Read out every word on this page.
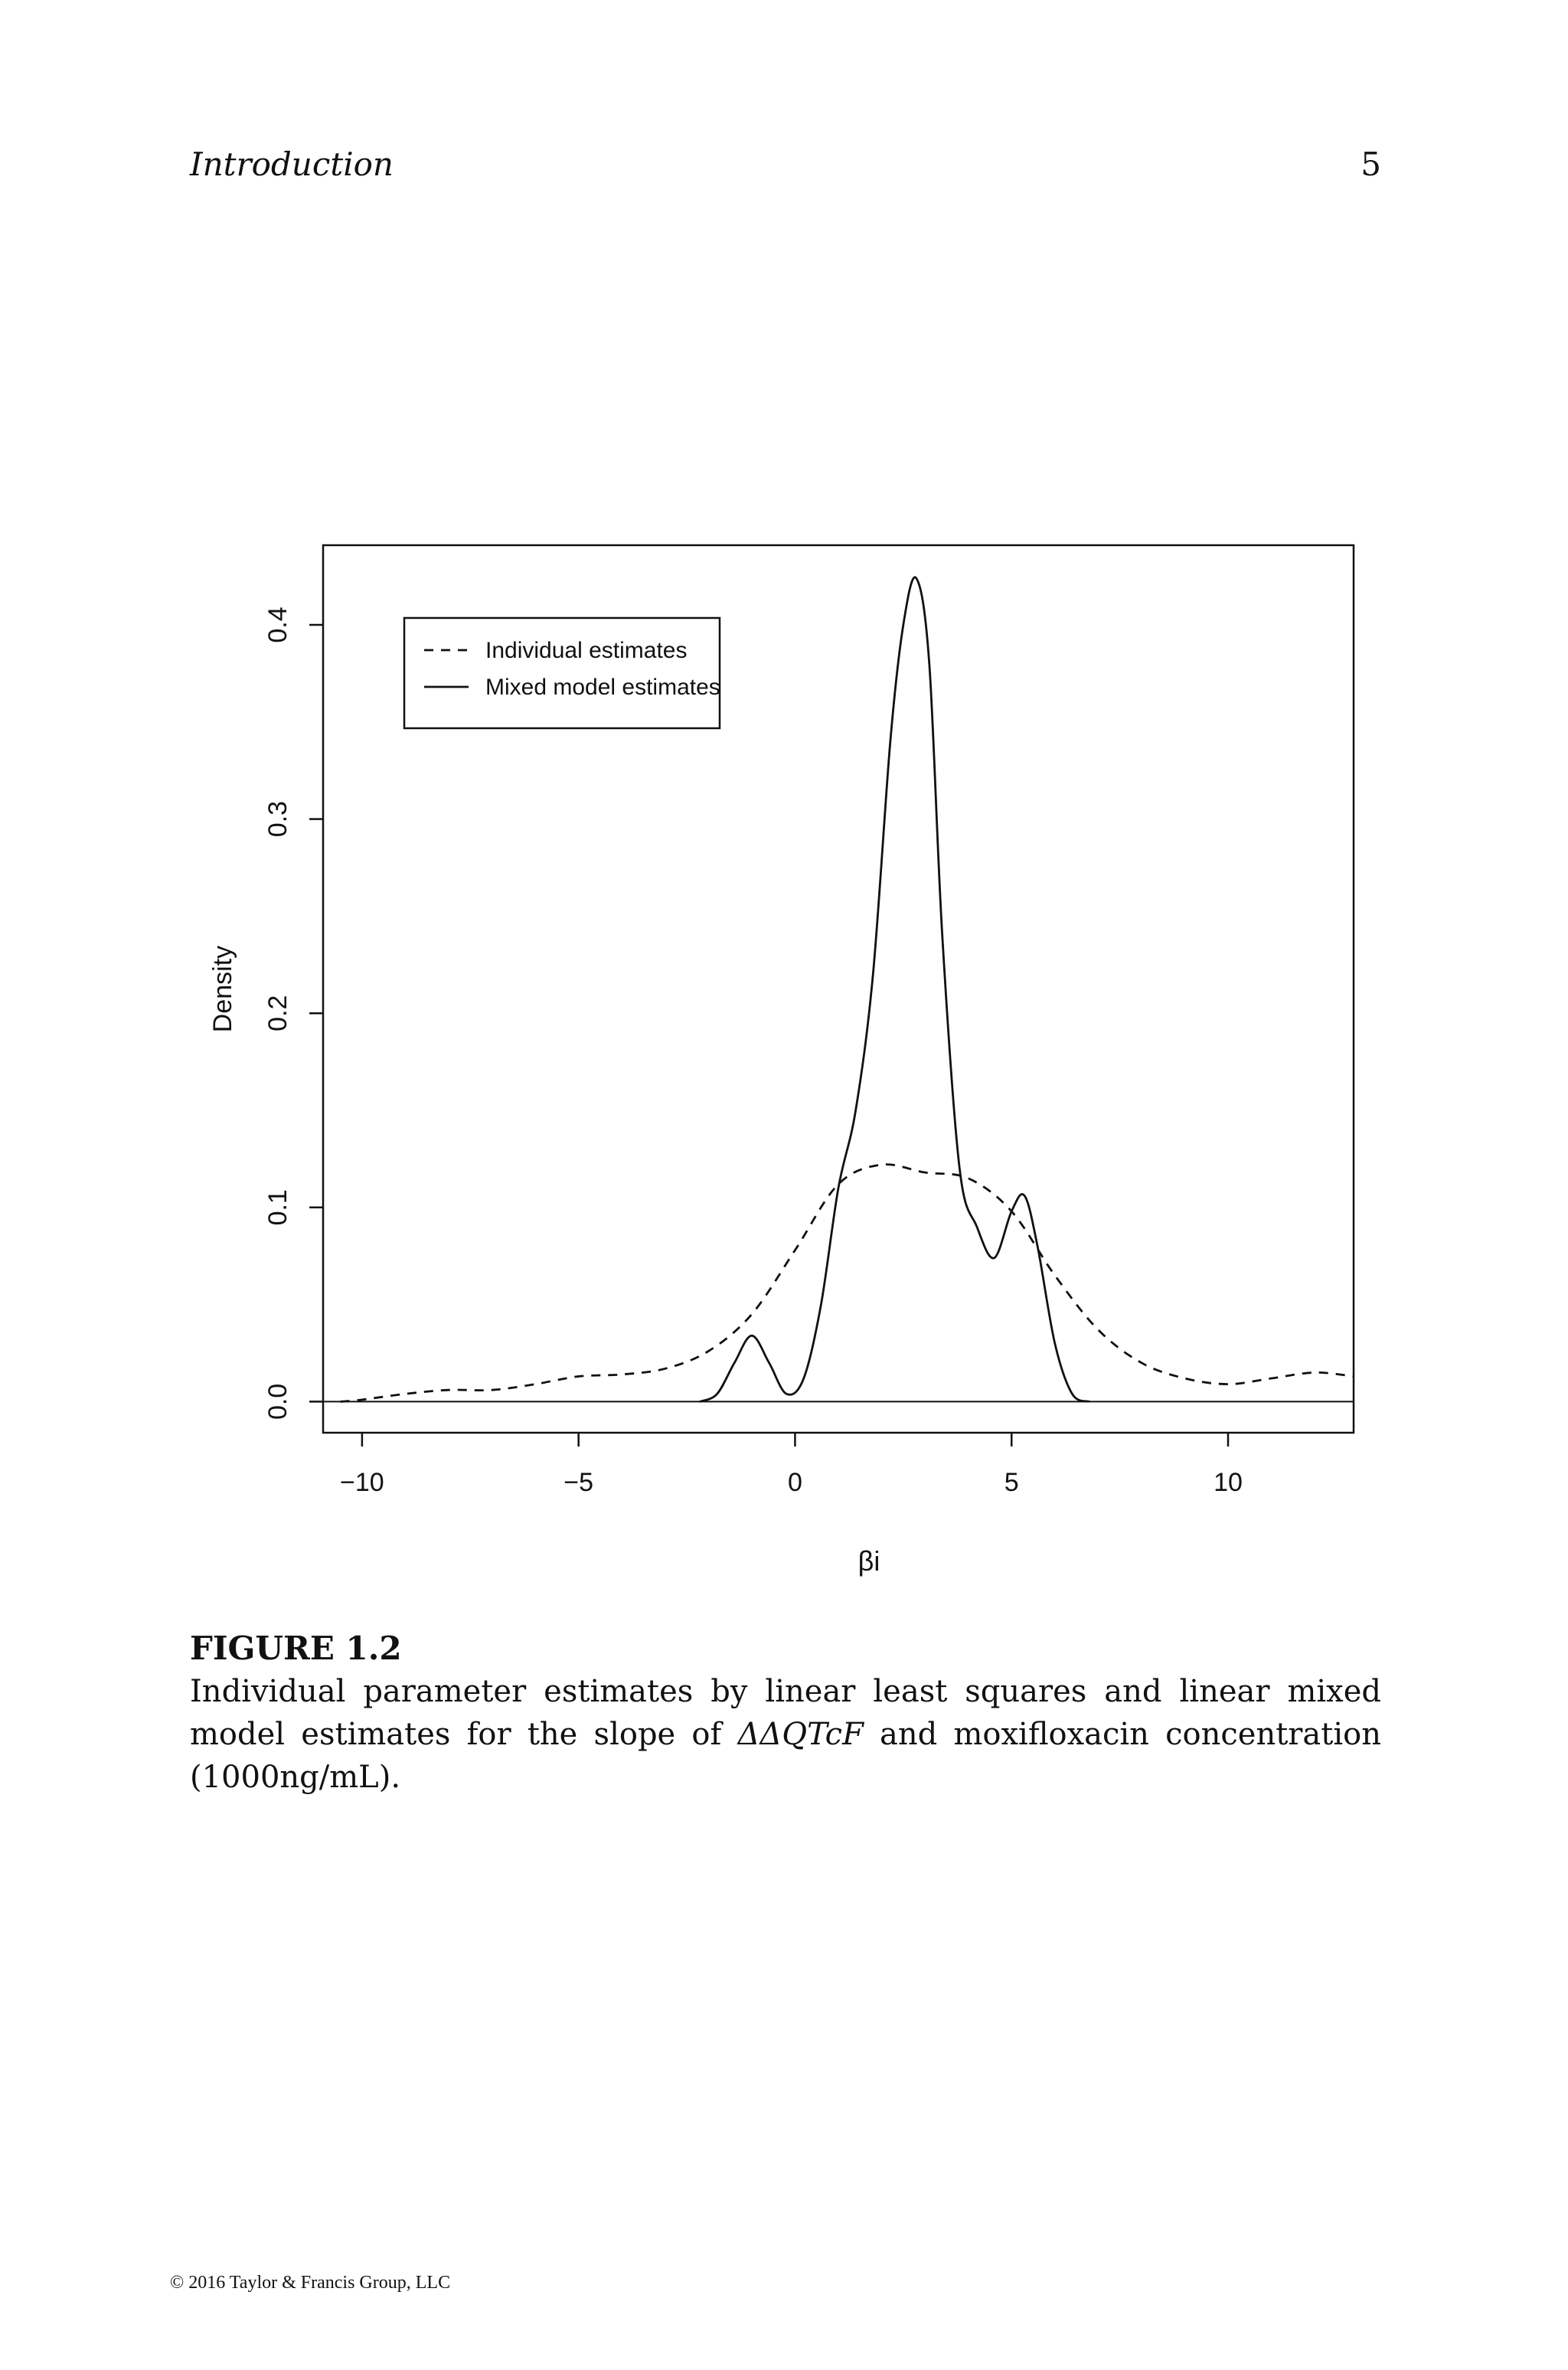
Introduction	5
−10	−5	0	5	10
0.0
0.1
0.2
0.3
0.4
Density
βi
Individual estimates
Mixed model estimates

FIGURE 1.2

Individual parameter estimates by linear least squares and linear mixed model estimates for the slope of ΔΔQTcF and moxifloxacin concentration (1000ng/mL).

© 2016 Taylor & Francis Group, LLC
